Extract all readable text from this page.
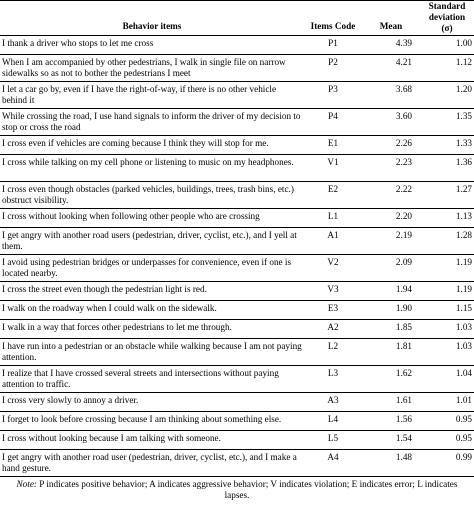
Behavior items	Items Code	Mean	Standard
deviation
(σ)

I thank a driver who stops to let me cross	P1	4.39	1.00
When I am accompanied by other pedestrians, I walk in single file on narrow sidewalks so as not to bother the pedestrians I meet	P2	4.21	1.12
I let a car go by, even if I have the right-of-way, if there is no other vehicle behind it	P3	3.68	1.20
While crossing the road, I use hand signals to inform the driver of my decision to stop or cross the road	P4	3.60	1.35
I cross even if vehicles are coming because I think they will stop for me.	E1	2.26	1.33
I cross while talking on my cell phone or listening to music on my headphones.	V1	2.23	1.36
I cross even though obstacles (parked vehicles, buildings, trees, trash bins, etc.) obstruct visibility.	E2	2.22	1.27
I cross without looking when following other people who are crossing	L1	2.20	1.13
I get angry with another road users (pedestrian, driver, cyclist, etc.), and I yell at them.	A1	2.19	1.28
I avoid using pedestrian bridges or underpasses for convenience, even if one is located nearby.	V2	2.09	1.19
I cross the street even though the pedestrian light is red.	V3	1.94	1.19
I walk on the roadway when I could walk on the sidewalk.	E3	1.90	1.15
I walk in a way that forces other pedestrians to let me through.	A2	1.85	1.03
I have run into a pedestrian or an obstacle while walking because I am not paying attention.	L2	1.81	1.03
I realize that I have crossed several streets and intersections without paying attention to traffic.	L3	1.62	1.04
I cross very slowly to annoy a driver.	A3	1.61	1.01
I forget to look before crossing because I am thinking about something else.	L4	1.56	0.95
I cross without looking because I am talking with someone.	L5	1.54	0.95
I get angry with another road user (pedestrian, driver, cyclist, etc.), and I make a hand gesture.	A4	1.48	0.99
Note: P indicates positive behavior; A indicates aggressive behavior; V indicates violation; E indicates error; L indicates lapses.
